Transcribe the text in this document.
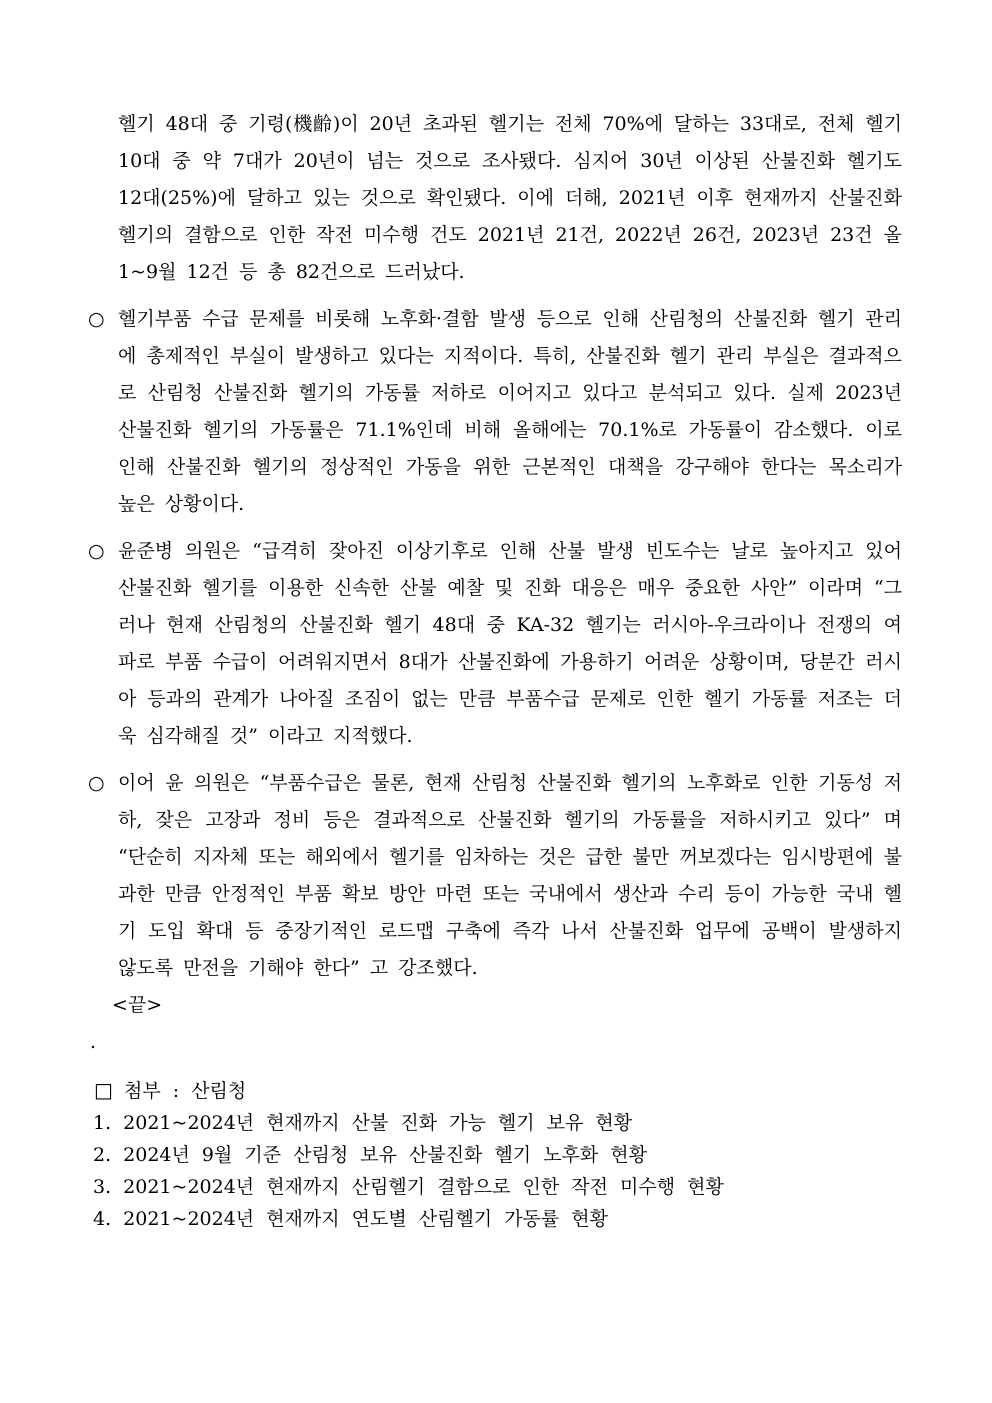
헬기 48대 중 기령(機齡)이 20년 초과된 헬기는 전체 70%에 달하는 33대로, 전체 헬기 10대 중 약 7대가 20년이 넘는 것으로 조사됐다. 심지어 30년 이상된 산불진화 헬기도 12대(25%)에 달하고 있는 것으로 확인됐다. 이에 더해, 2021년 이후 현재까지 산불진화 헬기의 결함으로 인한 작전 미수행 건도 2021년 21건, 2022년 26건, 2023년 23건 올 1~9월 12건 등 총 82건으로 드러났다.

○ 헬기부품 수급 문제를 비롯해 노후화·결함 발생 등으로 인해 산림청의 산불진화 헬기 관리에 총제적인 부실이 발생하고 있다는 지적이다. 특히, 산불진화 헬기 관리 부실은 결과적으로 산림청 산불진화 헬기의 가동률 저하로 이어지고 있다고 분석되고 있다. 실제 2023년 산불진화 헬기의 가동률은 71.1%인데 비해 올해에는 70.1%로 가동률이 감소했다. 이로 인해 산불진화 헬기의 정상적인 가동을 위한 근본적인 대책을 강구해야 한다는 목소리가 높은 상황이다.

○ 윤준병 의원은 “급격히 잦아진 이상기후로 인해 산불 발생 빈도수는 날로 높아지고 있어 산불진화 헬기를 이용한 신속한 산불 예찰 및 진화 대응은 매우 중요한 사안” 이라며 “그러나 현재 산림청의 산불진화 헬기 48대 중 KA-32 헬기는 러시아-우크라이나 전쟁의 여파로 부품 수급이 어려워지면서 8대가 산불진화에 가용하기 어려운 상황이며, 당분간 러시아 등과의 관계가 나아질 조짐이 없는 만큼 부품수급 문제로 인한 헬기 가동률 저조는 더욱 심각해질 것” 이라고 지적했다.

○ 이어 윤 의원은 “부품수급은 물론, 현재 산림청 산불진화 헬기의 노후화로 인한 기동성 저하, 잦은 고장과 정비 등은 결과적으로 산불진화 헬기의 가동률을 저하시키고 있다” 며 “단순히 지자체 또는 해외에서 헬기를 임차하는 것은 급한 불만 꺼보겠다는 임시방편에 불과한 만큼 안정적인 부품 확보 방안 마련 또는 국내에서 생산과 수리 등이 가능한 국내 헬기 도입 확대 등 중장기적인 로드맵 구축에 즉각 나서 산불진화 업무에 공백이 발생하지 않도록 만전을 기해야 한다” 고 강조했다.

<끝>

.

□ 첨부 : 산림청
1. 2021~2024년 현재까지 산불 진화 가능 헬기 보유 현황
2. 2024년 9월 기준 산림청 보유 산불진화 헬기 노후화 현황
3. 2021~2024년 현재까지 산림헬기 결함으로 인한 작전 미수행 현황
4. 2021~2024년 현재까지 연도별 산림헬기 가동률 현황
